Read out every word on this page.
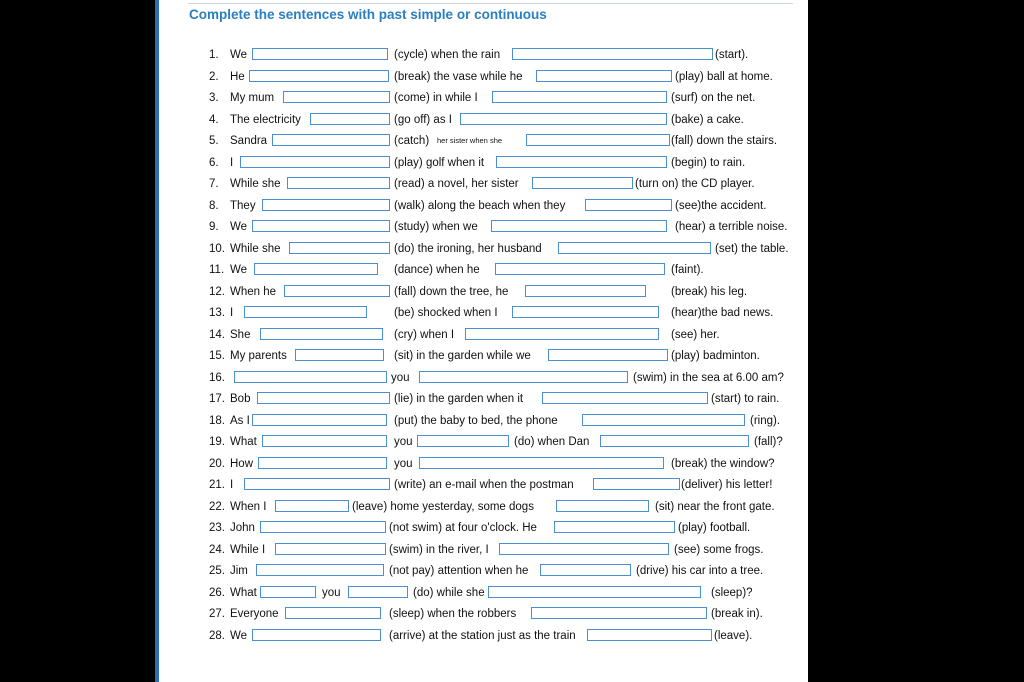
Complete the sentences with past simple or continuous
1. We	(cycle) when the rain	(start).
2. He	(break) the vase while he	(play) ball at home.
3. My mum	(come) in while I	(surf) on the net.
4. The electricity	(go off) as I	(bake) a cake.
5. Sandra	(catch) her sister when she	(fall) down the stairs.
6. I	(play) golf when it	(begin) to rain.
7. While she	(read) a novel, her sister	(turn on) the CD player.
8. They	(walk) along the beach when they	(see)the accident.
9. We	(study) when we	(hear) a terrible noise.
10. While she	(do) the ironing, her husband	(set) the table.
11. We	(dance) when he	(faint).
12. When he	(fall) down the tree, he	(break) his leg.
13. I	(be) shocked when I	(hear)the bad news.
14. She	(cry) when I	(see) her.
15. My parents	(sit) in the garden while we	(play) badminton.
16.	you	(swim) in the sea at 6.00 am?
17. Bob	(lie) in the garden when it	(start) to rain.
18. As I	(put) the baby to bed, the phone	(ring).
19. What	you	(do) when Dan	(fall)?
20. How	you	(break) the window?
21. I	(write) an e-mail when the postman	(deliver) his letter!
22. When I	(leave) home yesterday, some dogs	(sit) near the front gate.
23. John	(not swim) at four o'clock. He	(play) football.
24. While I	(swim) in the river, I	(see) some frogs.
25. Jim	(not pay) attention when he	(drive) his car into a tree.
26. What	you	(do) while she	(sleep)?
27. Everyone	(sleep) when the robbers	(break in).
28. We	(arrive) at the station just as the train	(leave).
